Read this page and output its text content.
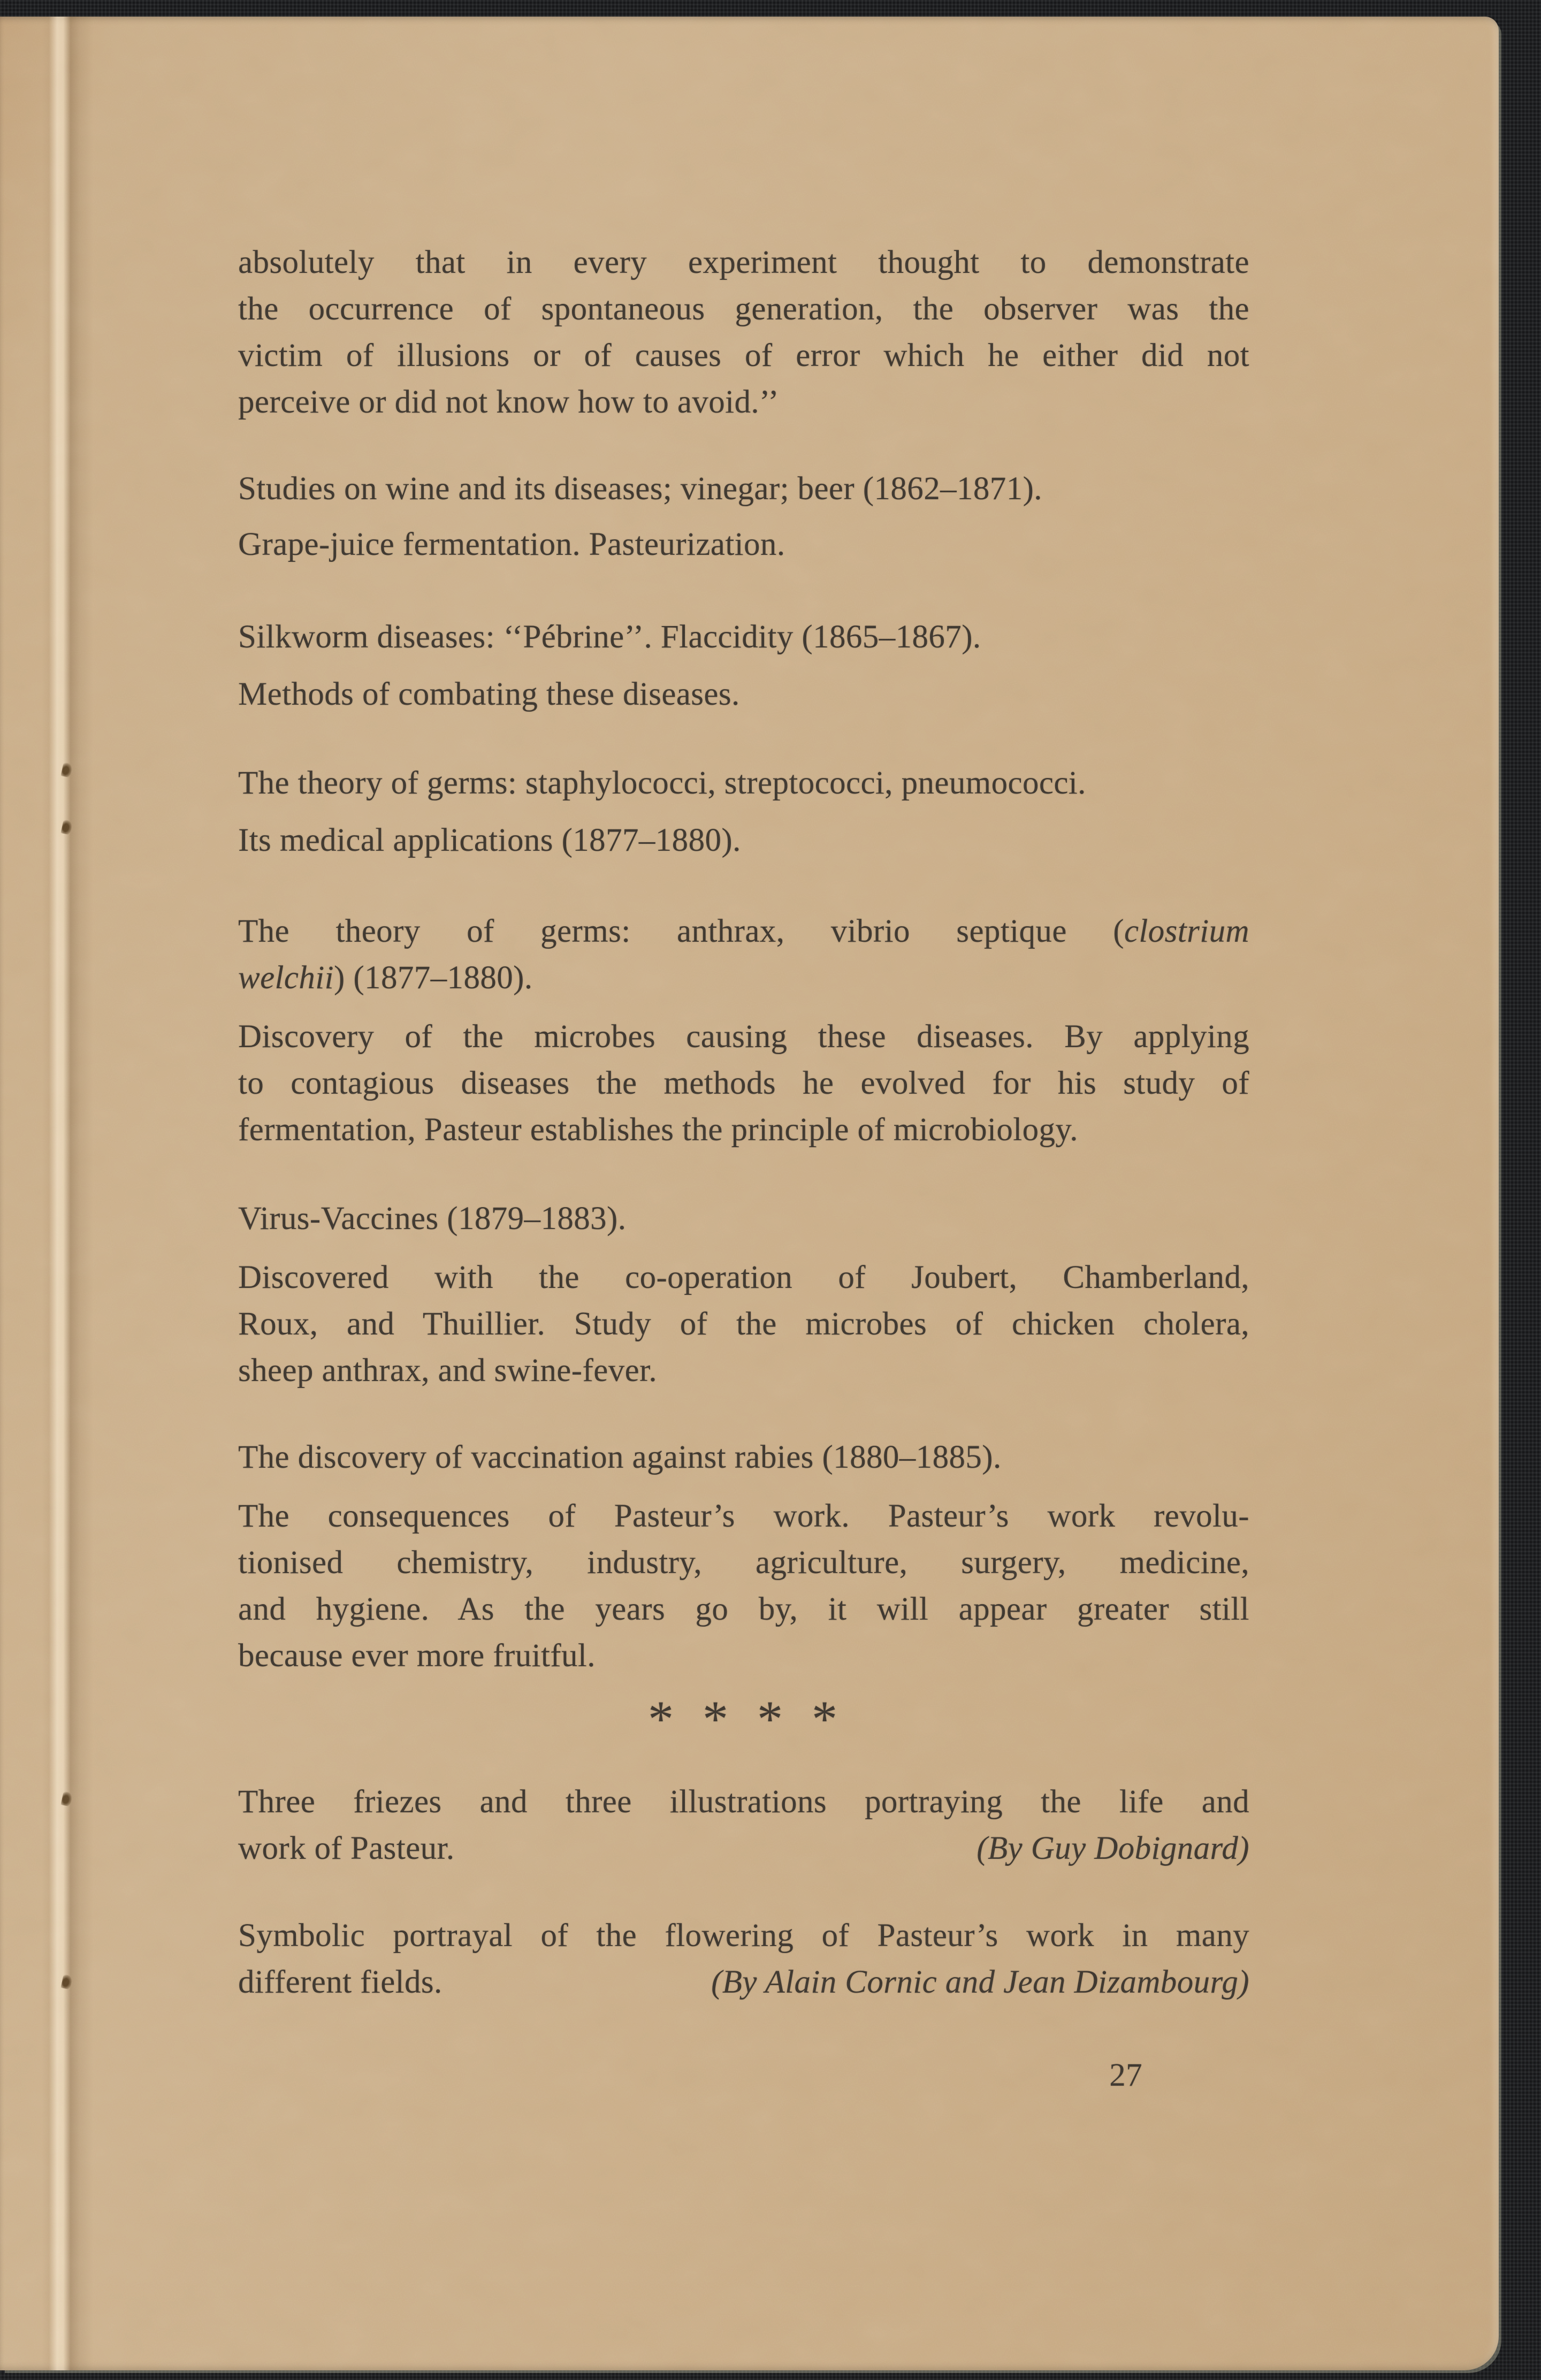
absolutely that in every experiment thought to demonstrate

the occurrence of spontaneous generation, the observer was the

victim of illusions or of causes of error which he either did not

perceive or did not know how to avoid.’’

Studies on wine and its diseases; vinegar; beer (1862–1871).

Grape-juice fermentation. Pasteurization.

Silkworm diseases: ‘‘Pébrine’’. Flaccidity (1865–1867).

Methods of combating these diseases.

The theory of germs: staphylococci, streptococci, pneumococci.

Its medical applications (1877–1880).

The theory of germs: anthrax, vibrio septique (clostrium

welchii) (1877–1880).

Discovery of the microbes causing these diseases. By applying

to contagious diseases the methods he evolved for his study of

fermentation, Pasteur establishes the principle of microbiology.

Virus-Vaccines (1879–1883).

Discovered with the co-operation of Joubert, Chamberland,

Roux, and Thuillier. Study of the microbes of chicken cholera,

sheep anthrax, and swine-fever.

The discovery of vaccination against rabies (1880–1885).

The consequences of Pasteur’s work. Pasteur’s work revolu-

tionised chemistry, industry, agriculture, surgery, medicine,

and hygiene. As the years go by, it will appear greater still

because ever more fruitful.

* * * *

Three friezes and three illustrations portraying the life and

work of Pasteur.	(By Guy Dobignard)

Symbolic portrayal of the flowering of Pasteur’s work in many

different fields.	(By Alain Cornic and Jean Dizambourg)

27
